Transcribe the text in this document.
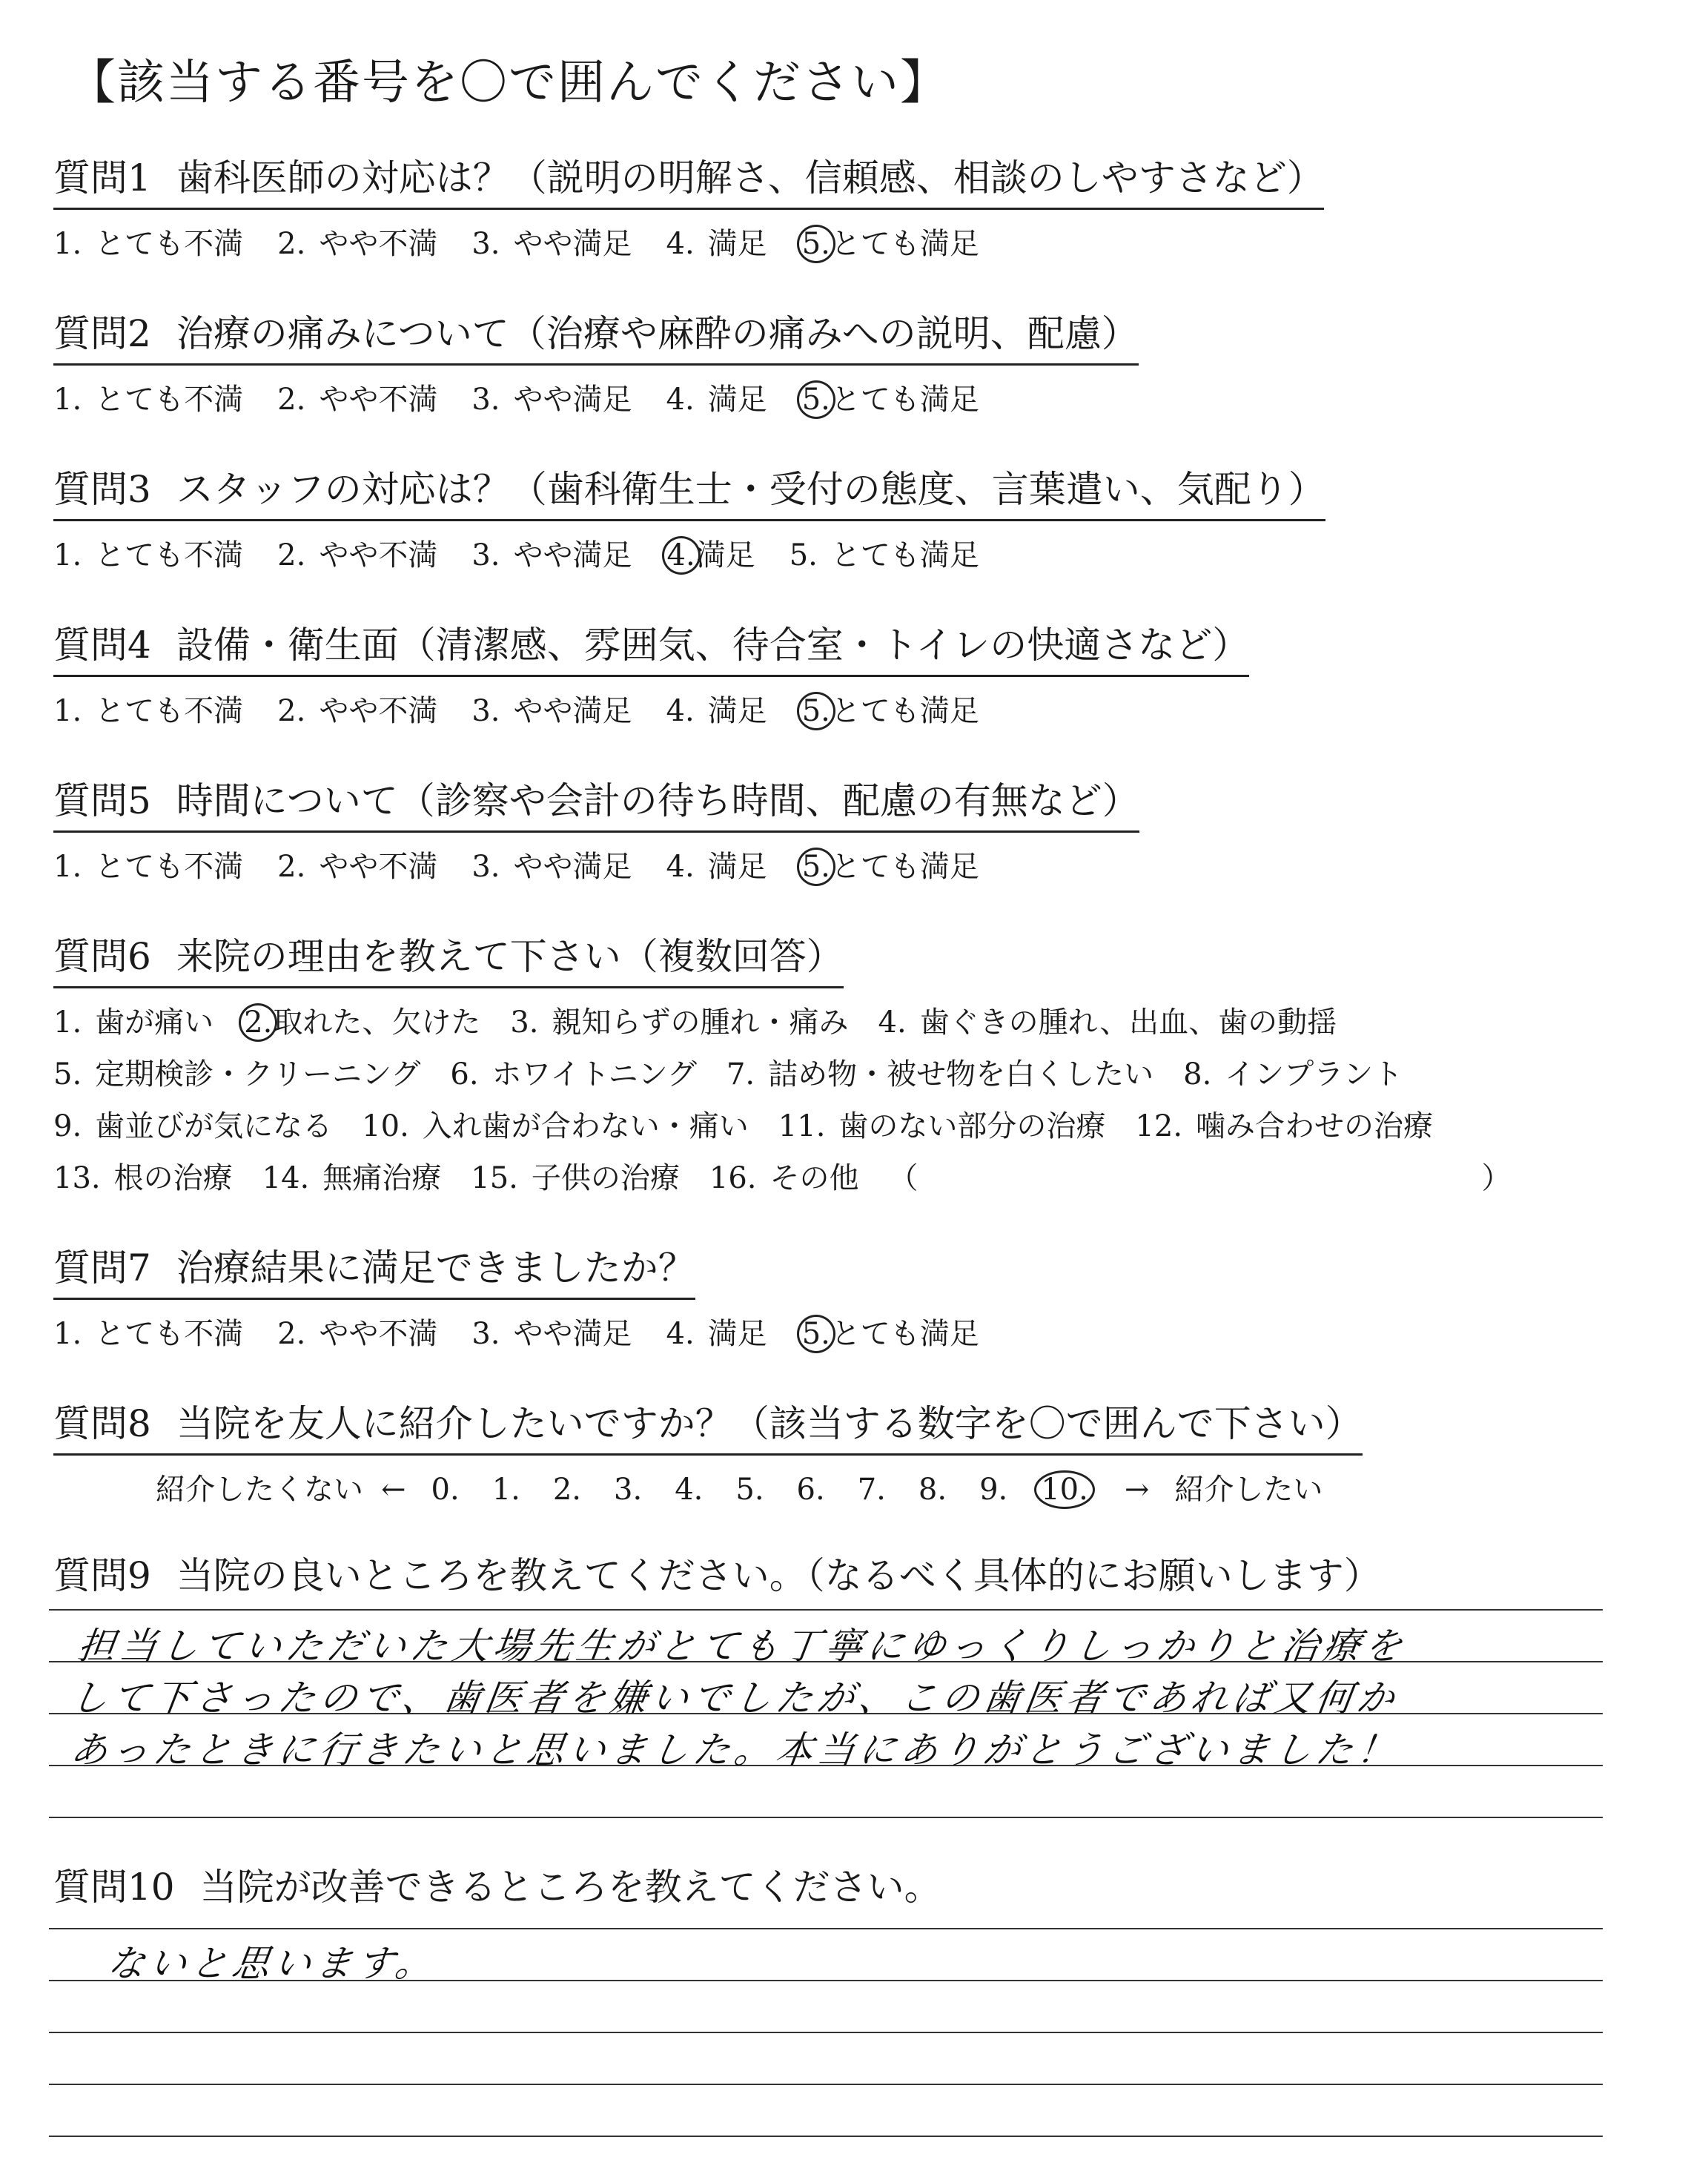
【該当する番号を〇で囲んでください】
質問1 歯科医師の対応は？（説明の明解さ、信頼感、相談のしやすさなど）
1. とても不満 2. やや不満 3. やや満足 4. 満足 5.とても満足
質問2 治療の痛みについて（治療や麻酔の痛みへの説明、配慮）
1. とても不満 2. やや不満 3. やや満足 4. 満足 5.とても満足
質問3 スタッフの対応は？（歯科衛生士・受付の態度、言葉遣い、気配り）
1. とても不満 2. やや不満 3. やや満足 4.満足 5. とても満足
質問4 設備・衛生面（清潔感、雰囲気、待合室・トイレの快適さなど）
1. とても不満 2. やや不満 3. やや満足 4. 満足 5.とても満足
質問5 時間について（診察や会計の待ち時間、配慮の有無など）
1. とても不満 2. やや不満 3. やや満足 4. 満足 5.とても満足
質問6 来院の理由を教えて下さい（複数回答）
1. 歯が痛い 2.取れた、欠けた 3. 親知らずの腫れ・痛み 4. 歯ぐきの腫れ、出血、歯の動揺
5. 定期検診・クリーニング 6. ホワイトニング 7. 詰め物・被せ物を白くしたい 8. インプラント
9. 歯並びが気になる 10. 入れ歯が合わない・痛い 11. 歯のない部分の治療 12. 噛み合わせの治療
13. 根の治療 14. 無痛治療 15. 子供の治療 16. その他 （	）
質問7 治療結果に満足できましたか？
1. とても不満 2. やや不満 3. やや満足 4. 満足 5.とても満足
質問8 当院を友人に紹介したいですか？（該当する数字を〇で囲んで下さい）
紹介したくない ← 0. 1. 2. 3. 4. 5. 6. 7. 8. 9. 10. → 紹介したい
質問9 当院の良いところを教えてください。（なるべく具体的にお願いします）
担当していただいた大場先生がとても丁寧にゆっくりしっかりと治療を
して下さったので、歯医者を嫌いでしたが、この歯医者であれば又何か
あったときに行きたいと思いました。本当にありがとうございました！
質問10 当院が改善できるところを教えてください。
ないと思います。
